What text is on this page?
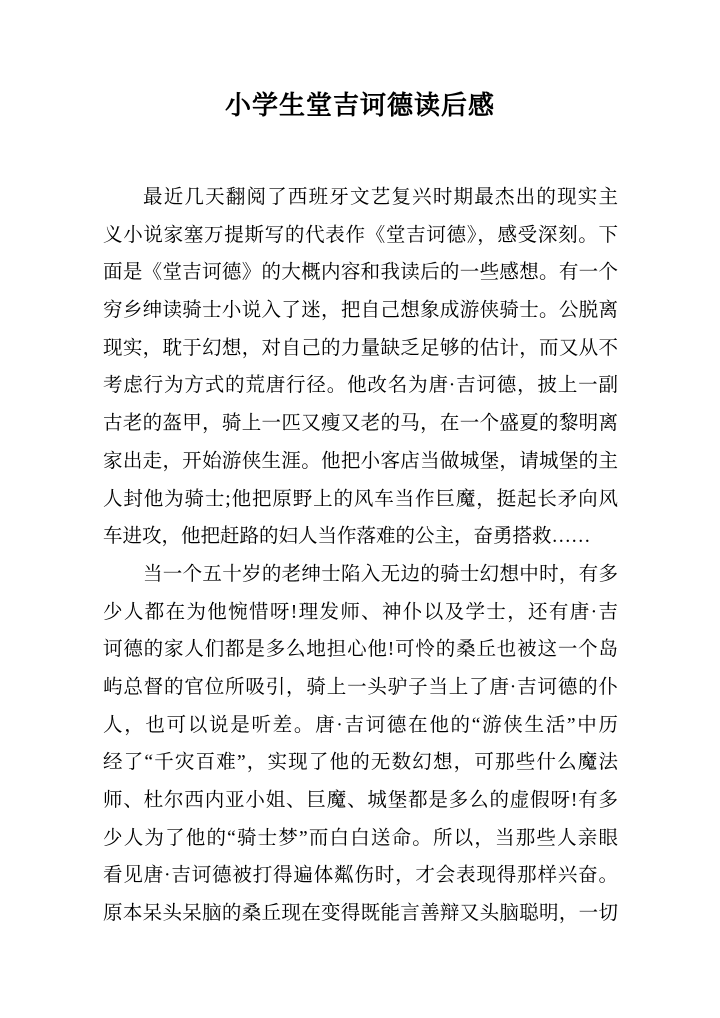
小学生堂吉诃德读后感
最近几天翻阅了西班牙文艺复兴时期最杰出的现实主
义小说家塞万提斯写的代表作《堂吉诃德》，感受深刻。下
面是《堂吉诃德》的大概内容和我读后的一些感想。有一个
穷乡绅读骑士小说入了迷，把自己想象成游侠骑士。公脱离
现实，耽于幻想，对自己的力量缺乏足够的估计，而又从不
考虑行为方式的荒唐行径。他改名为唐·吉诃德，披上一副
古老的盔甲，骑上一匹又瘦又老的马，在一个盛夏的黎明离
家出走，开始游侠生涯。他把小客店当做城堡，请城堡的主
人封他为骑士;他把原野上的风车当作巨魔，挺起长矛向风
车进攻，他把赶路的妇人当作落难的公主，奋勇搭救……
当一个五十岁的老绅士陷入无边的骑士幻想中时，有多
少人都在为他惋惜呀!理发师、神仆以及学士，还有唐·吉
诃德的家人们都是多么地担心他!可怜的桑丘也被这一个岛
屿总督的官位所吸引，骑上一头驴子当上了唐·吉诃德的仆
人，也可以说是听差。唐·吉诃德在他的“游侠生活”中历
经了“千灾百难”，实现了他的无数幻想，可那些什么魔法
师、杜尔西内亚小姐、巨魔、城堡都是多么的虚假呀!有多
少人为了他的“骑士梦”而白白送命。所以，当那些人亲眼
看见唐·吉诃德被打得遍体粼伤时，才会表现得那样兴奋。
原本呆头呆脑的桑丘现在变得既能言善辩又头脑聪明，一切
